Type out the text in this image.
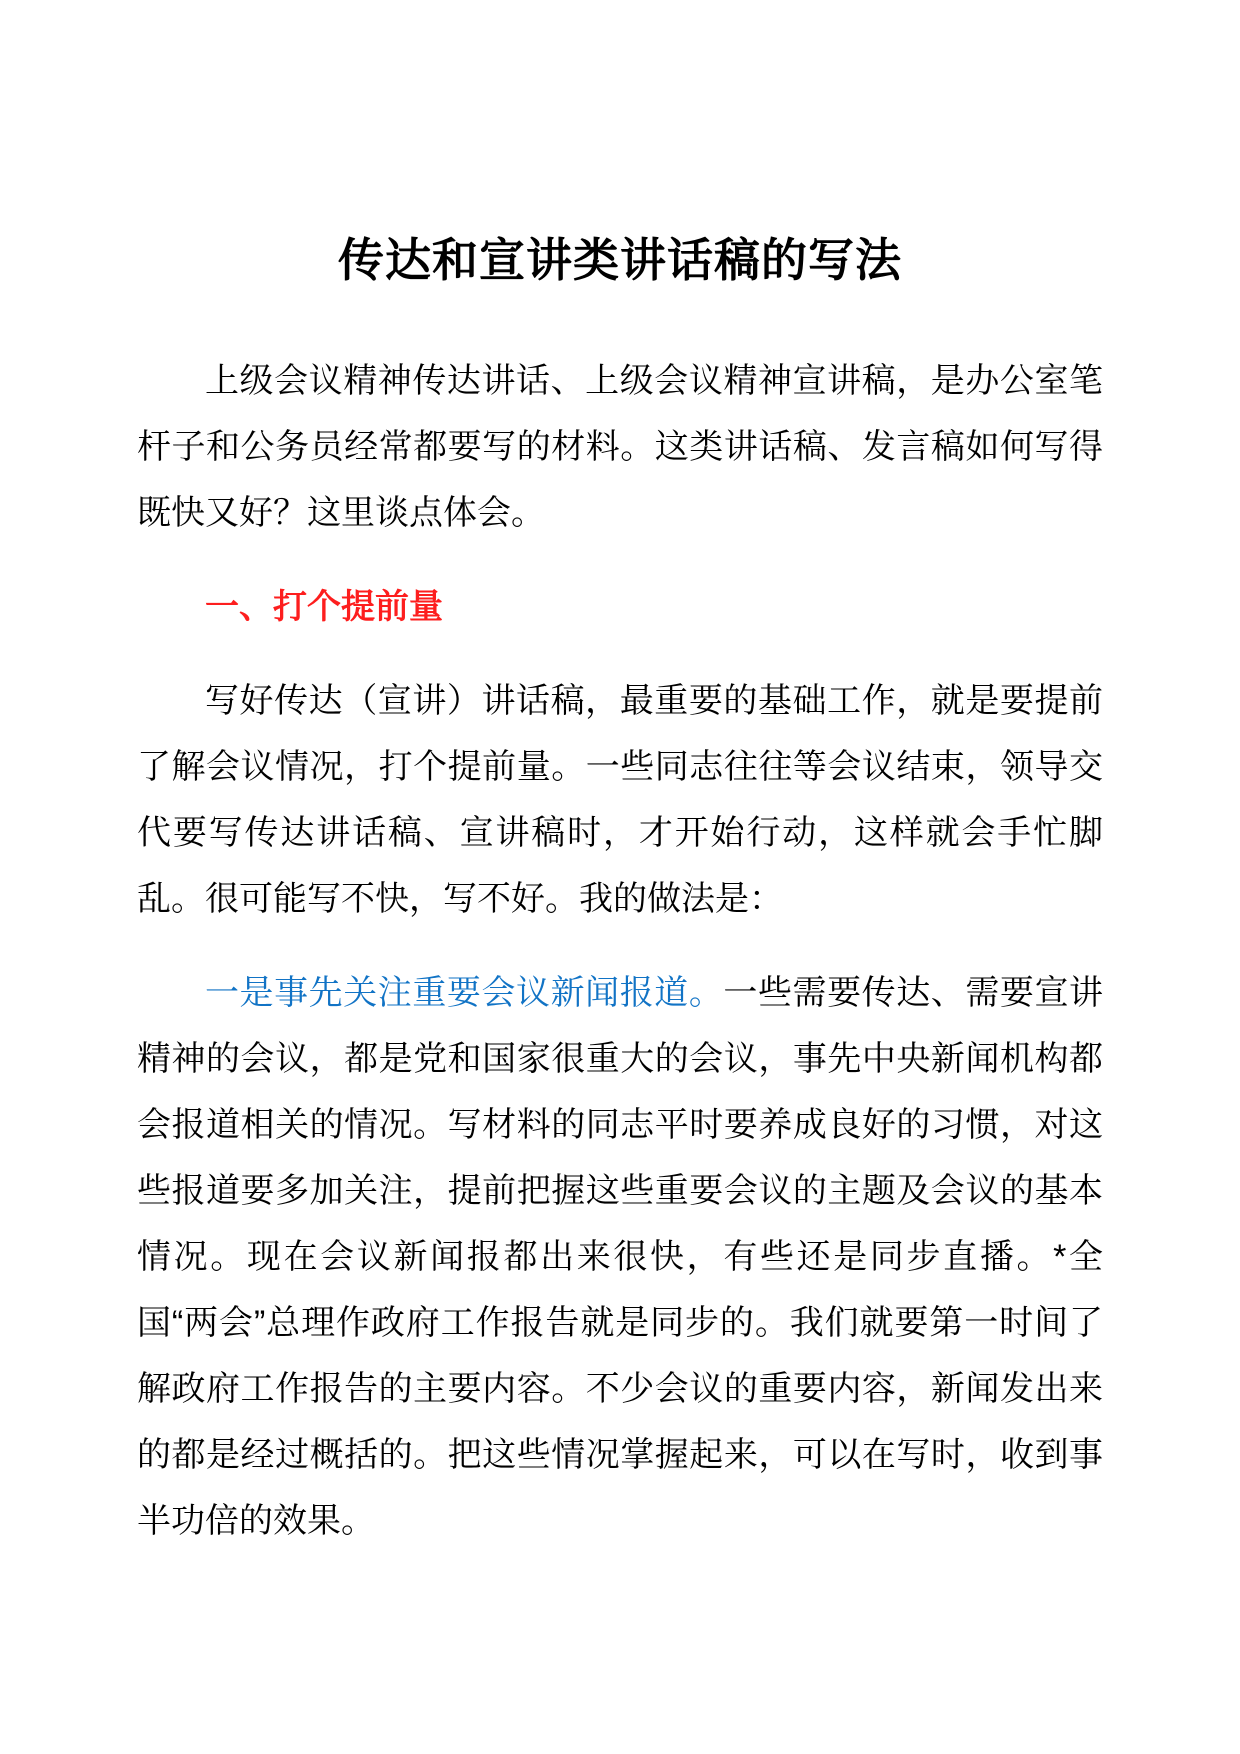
传达和宣讲类讲话稿的写法

上级会议精神传达讲话、上级会议精神宣讲稿，是办公室笔杆子和公务员经常都要写的材料。这类讲话稿、发言稿如何写得既快又好？这里谈点体会。

一、打个提前量

写好传达（宣讲）讲话稿，最重要的基础工作，就是要提前了解会议情况，打个提前量。一些同志往往等会议结束，领导交代要写传达讲话稿、宣讲稿时，才开始行动，这样就会手忙脚乱。很可能写不快，写不好。我的做法是：

一是事先关注重要会议新闻报道。一些需要传达、需要宣讲精神的会议，都是党和国家很重大的会议，事先中央新闻机构都会报道相关的情况。写材料的同志平时要养成良好的习惯，对这些报道要多加关注，提前把握这些重要会议的主题及会议的基本情况。现在会议新闻报都出来很快，有些还是同步直播。*全国“两会”总理作政府工作报告就是同步的。我们就要第一时间了解政府工作报告的主要内容。不少会议的重要内容，新闻发出来的都是经过概括的。把这些情况掌握起来，可以在写时，收到事半功倍的效果。
